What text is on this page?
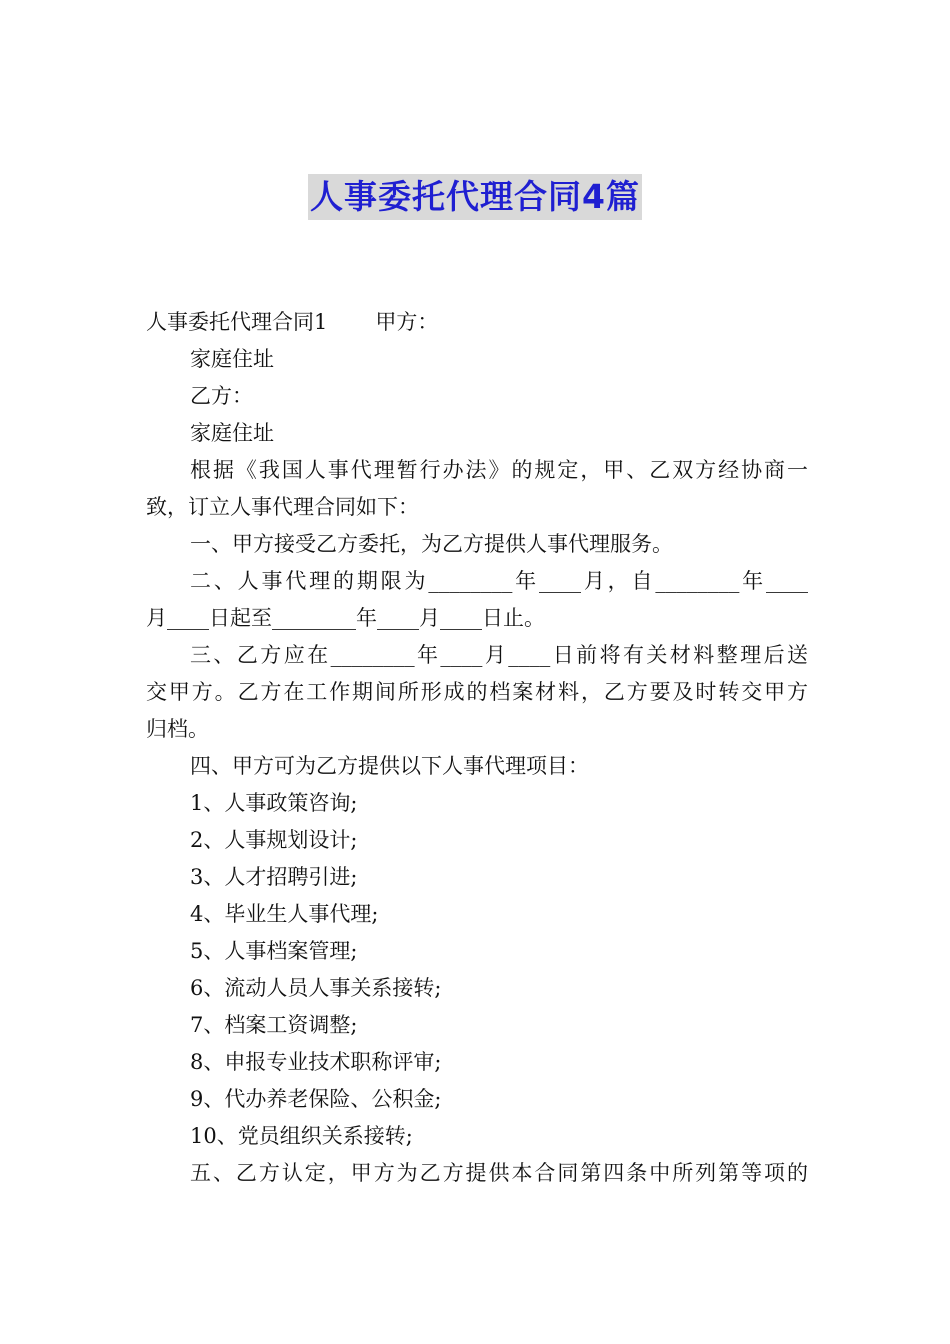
人事委托代理合同4篇
人事委托代理合同1 甲方：
家庭住址
乙方：
家庭住址
根据《我国人事代理暂行办法》的规定，甲、乙双方经协商一
致，订立人事代理合同如下：
一、甲方接受乙方委托，为乙方提供人事代理服务。
二、人事代理的期限为________年____月，自________年____
月____日起至________年____月____日止。
三、乙方应在________年____月____日前将有关材料整理后送
交甲方。乙方在工作期间所形成的档案材料，乙方要及时转交甲方
归档。
四、甲方可为乙方提供以下人事代理项目：
1、人事政策咨询;
2、人事规划设计;
3、人才招聘引进;
4、毕业生人事代理;
5、人事档案管理;
6、流动人员人事关系接转;
7、档案工资调整;
8、申报专业技术职称评审;
9、代办养老保险、公积金;
10、党员组织关系接转;
五、乙方认定，甲方为乙方提供本合同第四条中所列第等项的
